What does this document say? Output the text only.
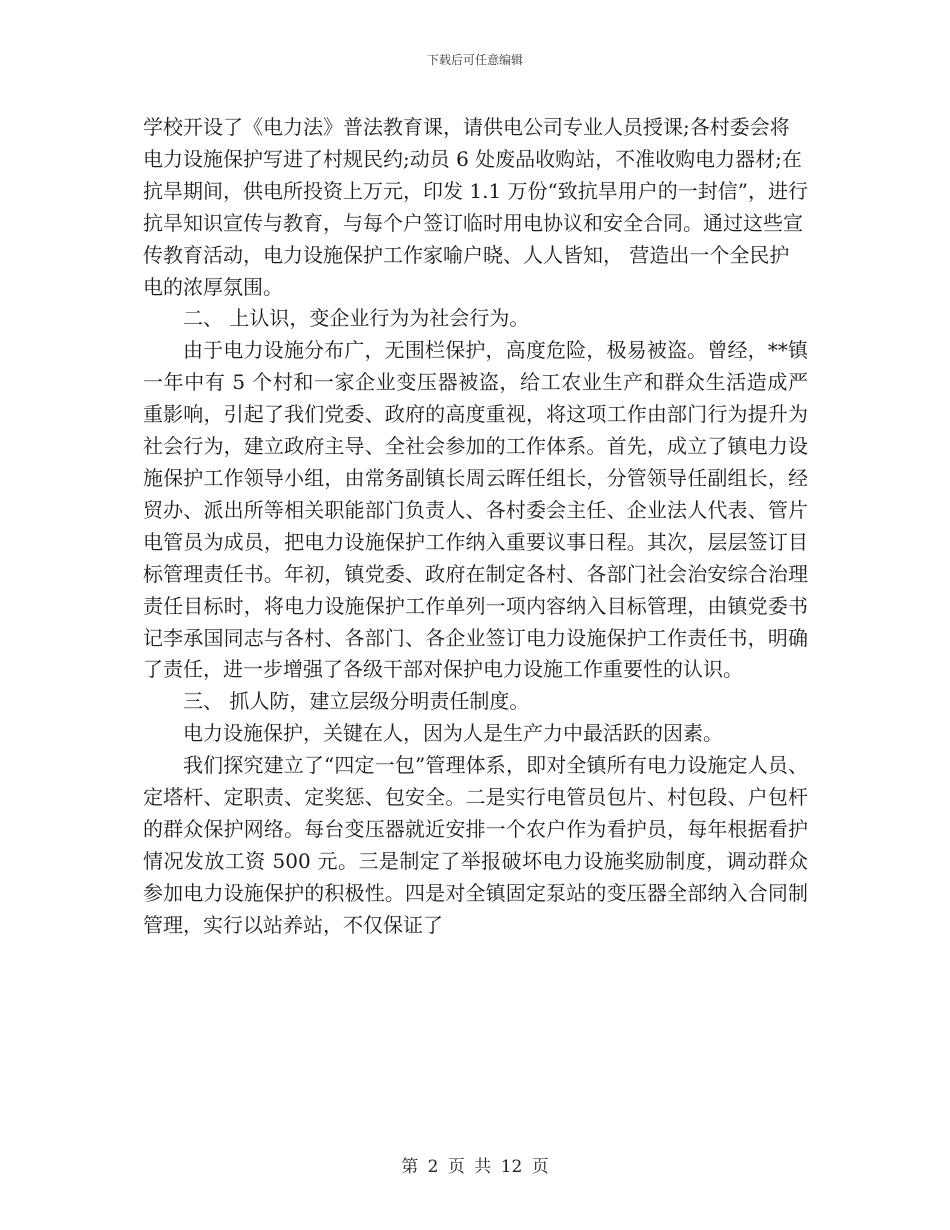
下载后可任意编辑

学校开设了《电力法》普法教育课，请供电公司专业人员授课;各村委会将电力设施保护写进了村规民约;动员 6 处废品收购站，不准收购电力器材;在抗旱期间，供电所投资上万元，印发 1.1 万份“致抗旱用户的一封信”，进行抗旱知识宣传与教育，与每个户签订临时用电协议和安全合同。通过这些宣传教育活动，电力设施保护工作家喻户晓、人人皆知， 营造出一个全民护电的浓厚氛围。

二、 上认识，变企业行为为社会行为。

由于电力设施分布广，无围栏保护，高度危险，极易被盗。曾经，**镇一年中有 5 个村和一家企业变压器被盗，给工农业生产和群众生活造成严重影响，引起了我们党委、政府的高度重视，将这项工作由部门行为提升为社会行为，建立政府主导、全社会参加的工作体系。首先，成立了镇电力设施保护工作领导小组，由常务副镇长周云晖任组长，分管领导任副组长，经贸办、派出所等相关职能部门负责人、各村委会主任、企业法人代表、管片电管员为成员，把电力设施保护工作纳入重要议事日程。其次，层层签订目标管理责任书。年初，镇党委、政府在制定各村、各部门社会治安综合治理责任目标时，将电力设施保护工作单列一项内容纳入目标管理，由镇党委书记李承国同志与各村、各部门、各企业签订电力设施保护工作责任书，明确了责任，进一步增强了各级干部对保护电力设施工作重要性的认识。

三、 抓人防，建立层级分明责任制度。

电力设施保护，关键在人，因为人是生产力中最活跃的因素。

我们探究建立了“四定一包”管理体系，即对全镇所有电力设施定人员、定塔杆、定职责、定奖惩、包安全。二是实行电管员包片、村包段、户包杆的群众保护网络。每台变压器就近安排一个农户作为看护员，每年根据看护情况发放工资 500 元。三是制定了举报破坏电力设施奖励制度，调动群众参加电力设施保护的积极性。四是对全镇固定泵站的变压器全部纳入合同制管理，实行以站养站，不仅保证了

第 2 页 共 12 页
